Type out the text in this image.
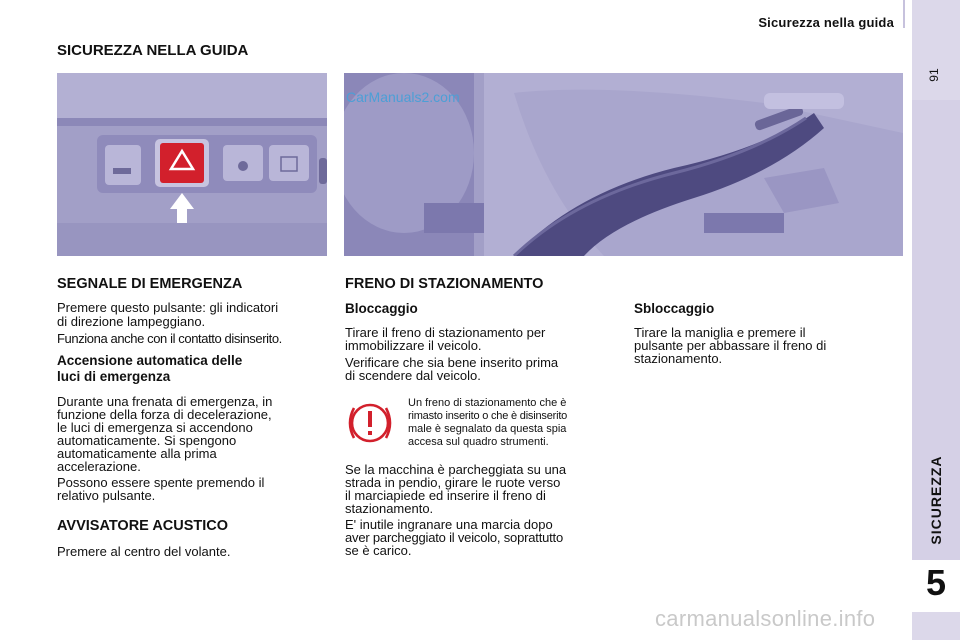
SICUREZZA
5
Sicurezza nella guida
91
SICUREZZA NELLA GUIDA
CarManuals2.com
SEGNALE DI EMERGENZA
Premere questo pulsante: gli indicatori
di direzione lampeggiano.
Funziona anche con il contatto disinserito.
Accensione automatica delle
luci di emergenza
Durante una frenata di emergenza, in
funzione della forza di decelerazione,
le luci di emergenza si accendono
automaticamente. Si spengono
automaticamente alla prima
accelerazione.
Possono essere spente premendo il
relativo pulsante.
AVVISATORE ACUSTICO
Premere al centro del volante.
FRENO DI STAZIONAMENTO
Bloccaggio
Tirare il freno di stazionamento per
immobilizzare il veicolo.
Verificare che sia bene inserito prima
di scendere dal veicolo.
Un freno di stazionamento che è
rimasto inserito o che è disinserito
male è segnalato da questa spia
accesa sul quadro strumenti.
Se la macchina è parcheggiata su una
strada in pendio, girare le ruote verso
il marciapiede ed inserire il freno di
stazionamento.
E' inutile ingranare una marcia dopo
aver parcheggiato il veicolo, soprattutto
se è carico.
Sbloccaggio
Tirare la maniglia e premere il
pulsante per abbassare il freno di
stazionamento.
carmanualsonline.info
